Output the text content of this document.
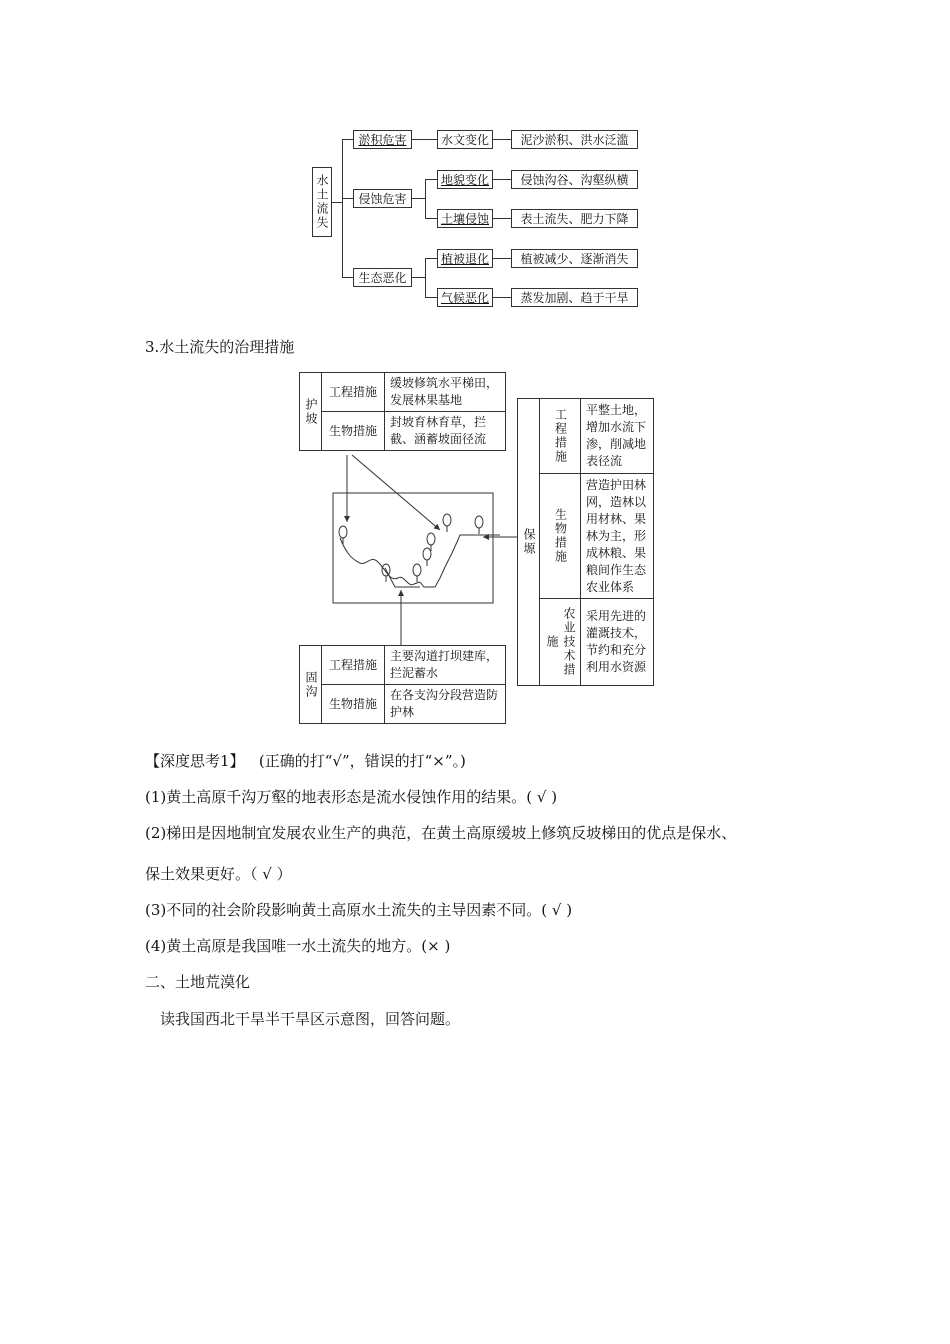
水土流失
淤积危害
侵蚀危害
生态恶化
水文变化
地貌变化
土壤侵蚀
植被退化
气候恶化
泥沙淤积、洪水泛滥
侵蚀沟谷、沟壑纵横
表土流失、肥力下降
植被减少、逐渐消失
蒸发加剧、趋于干旱
3.水土流失的治理措施
护坡	工程措施	缓坡修筑水平梯田，发展林果基地
	生物措施	封坡育林育草，拦截、涵蓄坡面径流
保塬	工程措施	平整土地，增加水流下渗，削减地表径流
	生物措施	营造护田林网，造林以用材林、果林为主，形成林粮、果粮间作生态农业体系
	农业技术措施	采用先进的灌溉技术，节约和充分利用水资源
固沟	工程措施	主要沟道打坝建库，拦泥蓄水
	生物措施	在各支沟分段营造防护林
【深度思考1】 (正确的打“√”，错误的打“×”。)
(1)黄土高原千沟万壑的地表形态是流水侵蚀作用的结果。( √ )
(2)梯田是因地制宜发展农业生产的典范，在黄土高原缓坡上修筑反坡梯田的优点是保水、
保土效果更好。（ √ ）
(3)不同的社会阶段影响黄土高原水土流失的主导因素不同。( √ )
(4)黄土高原是我国唯一水土流失的地方。(× )
二、土地荒漠化
读我国西北干旱半干旱区示意图，回答问题。
